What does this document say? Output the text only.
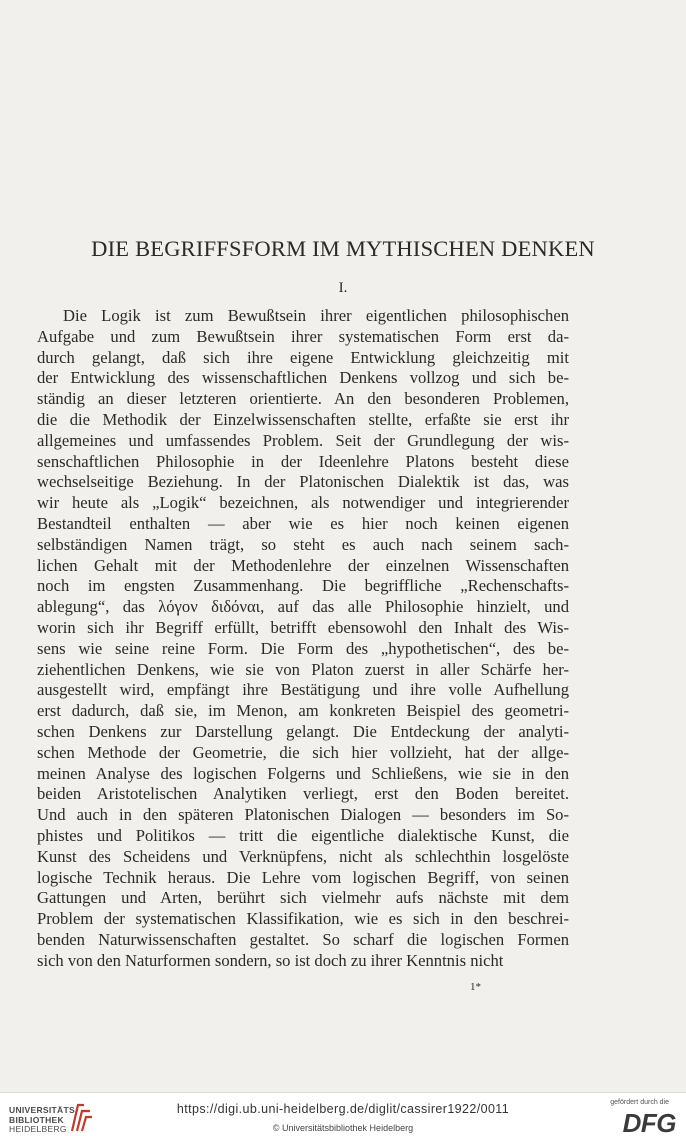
DIE BEGRIFFSFORM IM MYTHISCHEN DENKEN
I.
Die Logik ist zum Bewußtsein ihrer eigentlichen philosophischen
Aufgabe und zum Bewußtsein ihrer systematischen Form erst da-
durch gelangt, daß sich ihre eigene Entwicklung gleichzeitig mit
der Entwicklung des wissenschaftlichen Denkens vollzog und sich be-
ständig an dieser letzteren orientierte. An den besonderen Problemen,
die die Methodik der Einzelwissenschaften stellte, erfaßte sie erst ihr
allgemeines und umfassendes Problem. Seit der Grundlegung der wis-
senschaftlichen Philosophie in der Ideenlehre Platons besteht diese
wechselseitige Beziehung. In der Platonischen Dialektik ist das, was
wir heute als „Logik“ bezeichnen, als notwendiger und integrierender
Bestandteil enthalten — aber wie es hier noch keinen eigenen
selbständigen Namen trägt, so steht es auch nach seinem sach-
lichen Gehalt mit der Methodenlehre der einzelnen Wissenschaften
noch im engsten Zusammenhang. Die begriffliche „Rechenschafts-
ablegung“, das λόγον διδόναι, auf das alle Philosophie hinzielt, und
worin sich ihr Begriff erfüllt, betrifft ebensowohl den Inhalt des Wis-
sens wie seine reine Form. Die Form des „hypothetischen“, des be-
ziehentlichen Denkens, wie sie von Platon zuerst in aller Schärfe her-
ausgestellt wird, empfängt ihre Bestätigung und ihre volle Aufhellung
erst dadurch, daß sie, im Menon, am konkreten Beispiel des geometri-
schen Denkens zur Darstellung gelangt. Die Entdeckung der analyti-
schen Methode der Geometrie, die sich hier vollzieht, hat der allge-
meinen Analyse des logischen Folgerns und Schließens, wie sie in den
beiden Aristotelischen Analytiken verliegt, erst den Boden bereitet.
Und auch in den späteren Platonischen Dialogen — besonders im So-
phistes und Politikos — tritt die eigentliche dialektische Kunst, die
Kunst des Scheidens und Verknüpfens, nicht als schlechthin losgelöste
logische Technik heraus. Die Lehre vom logischen Begriff, von seinen
Gattungen und Arten, berührt sich vielmehr aufs nächste mit dem
Problem der systematischen Klassifikation, wie es sich in den beschrei-
benden Naturwissenschaften gestaltet. So scharf die logischen Formen
sich von den Naturformen sondern, so ist doch zu ihrer Kenntnis nicht
1*
UNIVERSITÄTS-
BIBLIOTHEK
HEIDELBERG
https://digi.ub.uni-heidelberg.de/diglit/cassirer1922/0011
© Universitätsbibliothek Heidelberg
gefördert durch die
DFG
